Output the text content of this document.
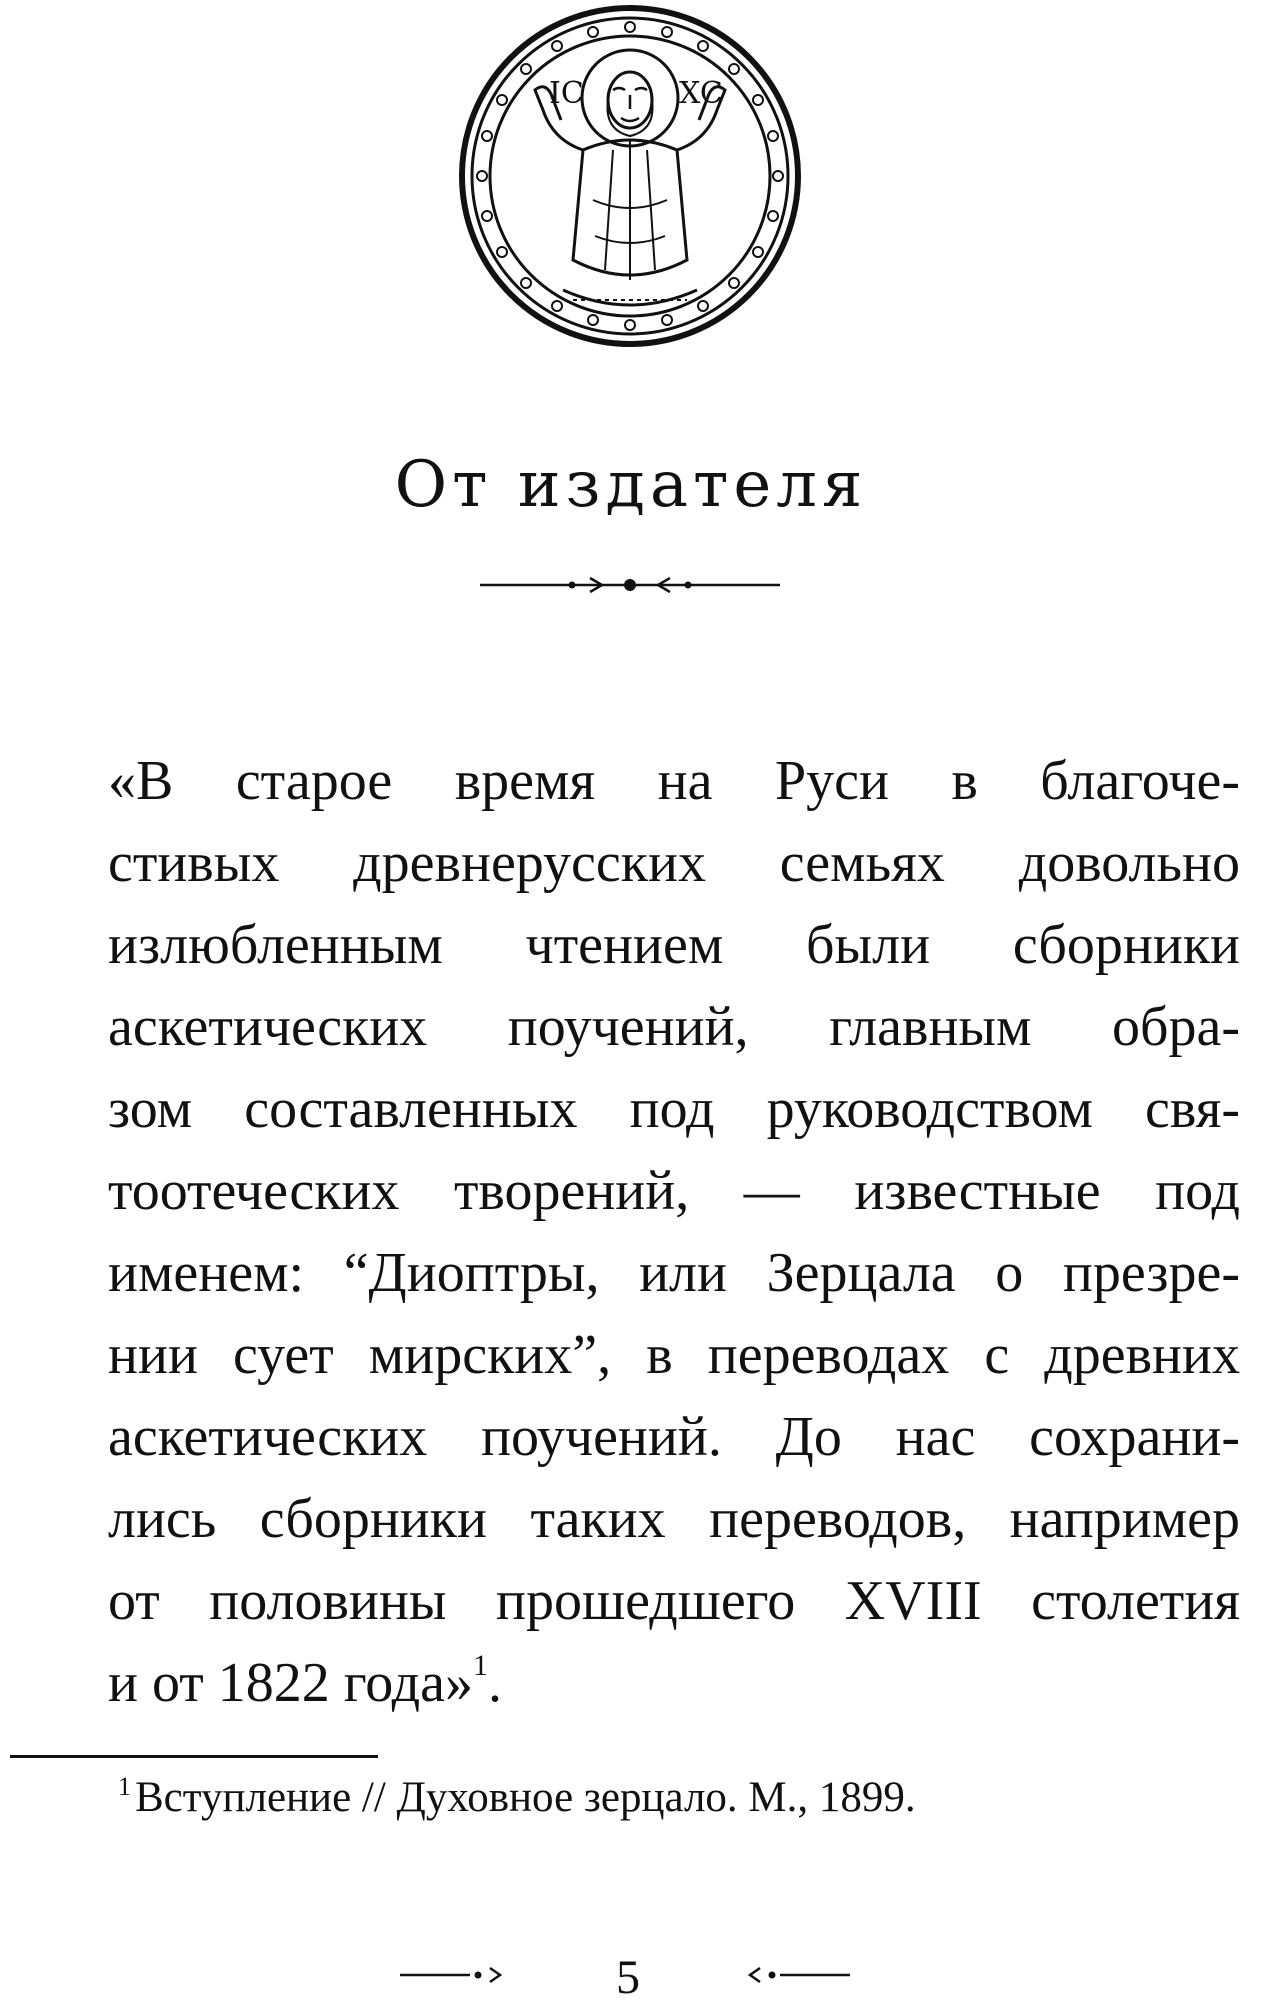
IC	XC
От издателя
«В старое время на Руси в благоче-
стивых древнерусских семьях довольно
излюбленным чтением были сборники
аскетических поучений, главным обра-
зом составленных под руководством свя-
тоотеческих творений, — известные под
именем: “Диоптры, или Зерцала о презре-
нии сует мирских”, в переводах с древних
аскетических поучений. До нас сохрани-
лись сборники таких переводов, например
от половины прошедшего XVIII столетия
и от 1822 года»$^1$.
$^1$Вступление // Духовное зерцало. М., 1899.
5
